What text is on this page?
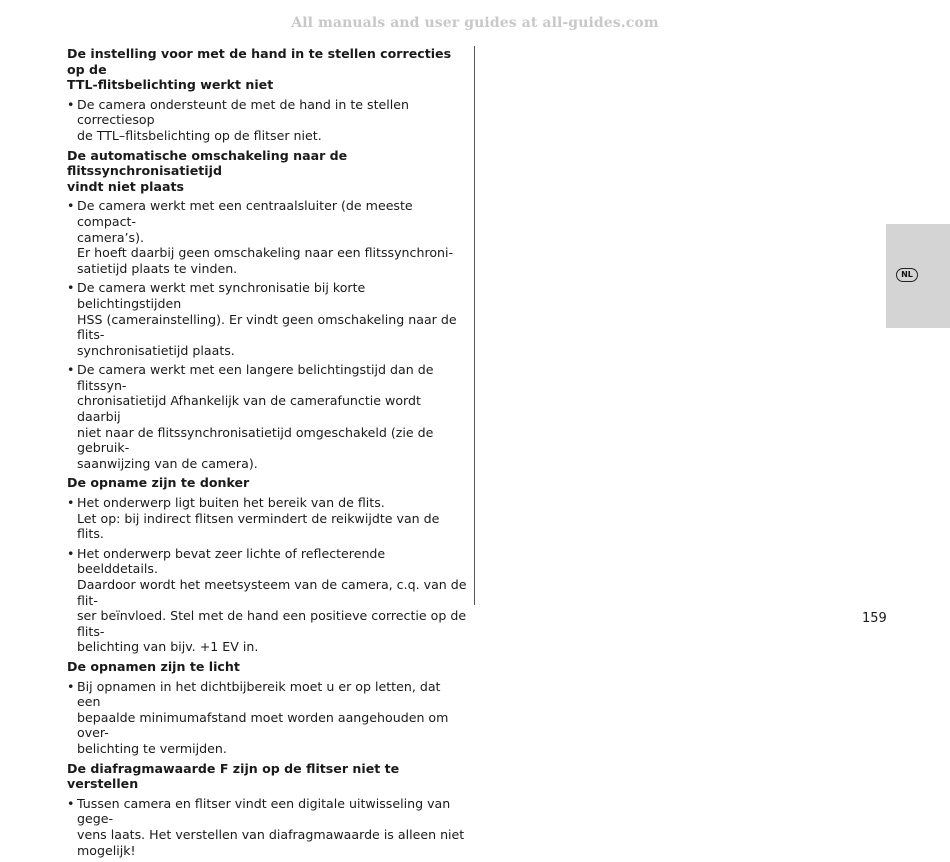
All manuals and user guides at all-guides.com
De instelling voor met de hand in te stellen correcties op de
TTL-flitsbelichting werkt niet
• De camera ondersteunt de met de hand in te stellen correctiesop
de TTL–flitsbelichting op de flitser niet.
De automatische omschakeling naar de flitssynchronisatietijd
vindt niet plaats
• De camera werkt met een centraalsluiter (de meeste compact-
camera’s).
Er hoeft daarbij geen omschakeling naar een flitssynchroni-
satietijd plaats te vinden.
• De camera werkt met synchronisatie bij korte belichtingstijden
HSS (camerainstelling). Er vindt geen omschakeling naar de flits-
synchronisatietijd plaats.
• De camera werkt met een langere belichtingstijd dan de flitssyn-
chronisatietijd Afhankelijk van de camerafunctie wordt daarbij
niet naar de flitssynchronisatietijd omgeschakeld (zie de gebruik-
saanwijzing van de camera).
De opname zijn te donker
• Het onderwerp ligt buiten het bereik van de flits.
Let op: bij indirect flitsen vermindert de reikwijdte van de flits.
• Het onderwerp bevat zeer lichte of reflecterende beelddetails.
Daardoor wordt het meetsysteem van de camera, c.q. van de flit-
ser beïnvloed. Stel met de hand een positieve correctie op de flits-
belichting van bijv. +1 EV in.
De opnamen zijn te licht
• Bij opnamen in het dichtbijbereik moet u er op letten, dat een
bepaalde minimumafstand moet worden aangehouden om over-
belichting te vermijden.
De diafragmawaarde F zijn op de flitser niet te verstellen
• Tussen camera en flitser vindt een digitale uitwisseling van gege-
vens laats. Het verstellen van diafragmawaarde is alleen niet
mogelijk!
NL
159
